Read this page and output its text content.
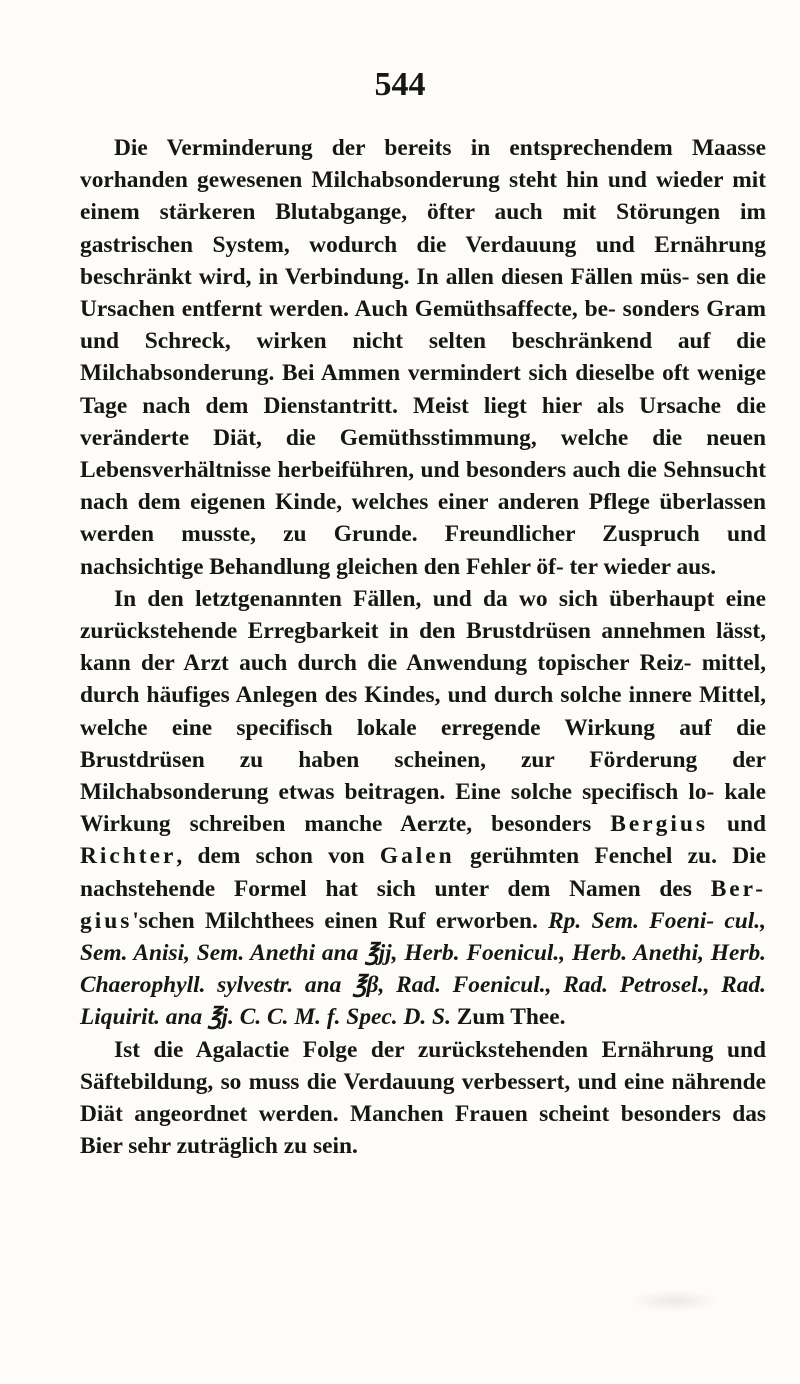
544

Die Verminderung der bereits in entsprechendem Maasse vorhanden gewesenen Milchabsonderung steht hin und wieder mit einem stärkeren Blutabgange, öfter auch mit Störungen im gastrischen System, wodurch die Verdauung und Ernährung beschränkt wird, in Verbindung. In allen diesen Fällen müs- sen die Ursachen entfernt werden. Auch Gemüthsaffecte, be- sonders Gram und Schreck, wirken nicht selten beschränkend auf die Milchabsonderung. Bei Ammen vermindert sich dieselbe oft wenige Tage nach dem Dienstantritt. Meist liegt hier als Ursache die veränderte Diät, die Gemüthsstimmung, welche die neuen Lebensverhältnisse herbeiführen, und besonders auch die Sehnsucht nach dem eigenen Kinde, welches einer anderen Pflege überlassen werden musste, zu Grunde. Freundlicher Zuspruch und nachsichtige Behandlung gleichen den Fehler öf- ter wieder aus.

In den letztgenannten Fällen, und da wo sich überhaupt eine zurückstehende Erregbarkeit in den Brustdrüsen annehmen lässt, kann der Arzt auch durch die Anwendung topischer Reiz- mittel, durch häufiges Anlegen des Kindes, und durch solche innere Mittel, welche eine specifisch lokale erregende Wirkung auf die Brustdrüsen zu haben scheinen, zur Förderung der Milchabsonderung etwas beitragen. Eine solche specifisch lo- kale Wirkung schreiben manche Aerzte, besonders Bergius und Richter, dem schon von Galen gerühmten Fenchel zu. Die nachstehende Formel hat sich unter dem Namen des Ber- gius'schen Milchthees einen Ruf erworben. Rp. Sem. Foeni- cul., Sem. Anisi, Sem. Anethi ana ℥jj, Herb. Foenicul., Herb. Anethi, Herb. Chaerophyll. sylvestr. ana ℥β, Rad. Foenicul., Rad. Petrosel., Rad. Liquirit. ana ℥j. C. C. M. f. Spec. D. S. Zum Thee.

Ist die Agalactie Folge der zurückstehenden Ernährung und Säftebildung, so muss die Verdauung verbessert, und eine nährende Diät angeordnet werden. Manchen Frauen scheint besonders das Bier sehr zuträglich zu sein.
